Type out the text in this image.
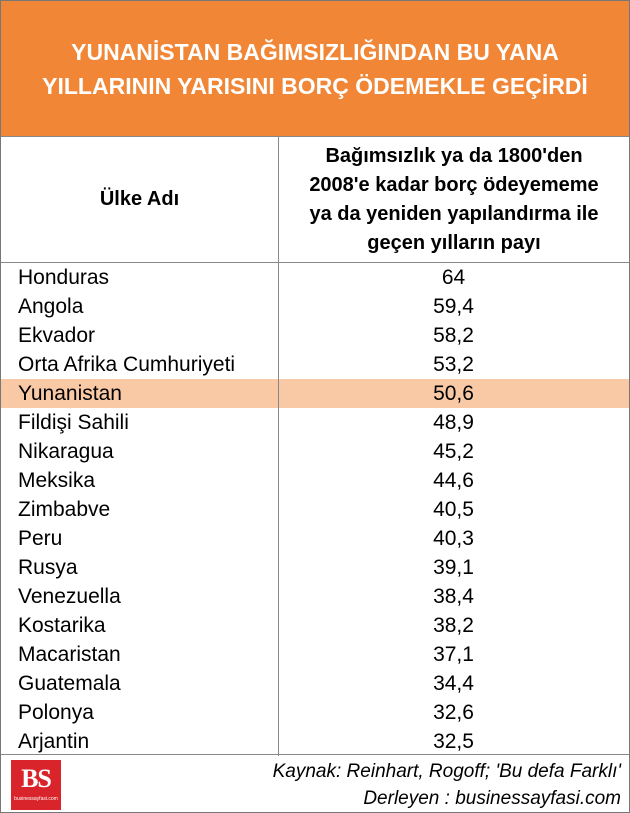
YUNANİSTAN BAĞIMSIZLIĞINDAN BU YANA
YILLARININ YARISINI BORÇ ÖDEMEKLE GEÇİRDİ
Ülke Adı
Bağımsızlık ya da 1800'den
2008'e kadar borç ödeyememe
ya da yeniden yapılandırma ile
geçen yılların payı
Honduras	64
Angola	59,4
Ekvador	58,2
Orta Afrika Cumhuriyeti	53,2
Yunanistan	50,6
Fildişi Sahili	48,9
Nikaragua	45,2
Meksika	44,6
Zimbabve	40,5
Peru	40,3
Rusya	39,1
Venezuella	38,4
Kostarika	38,2
Macaristan	37,1
Guatemala	34,4
Polonya	32,6
Arjantin	32,5
BS
businessayfasi.com
Kaynak: Reinhart, Rogoff; 'Bu defa Farklı'
Derleyen : businessayfasi.com
